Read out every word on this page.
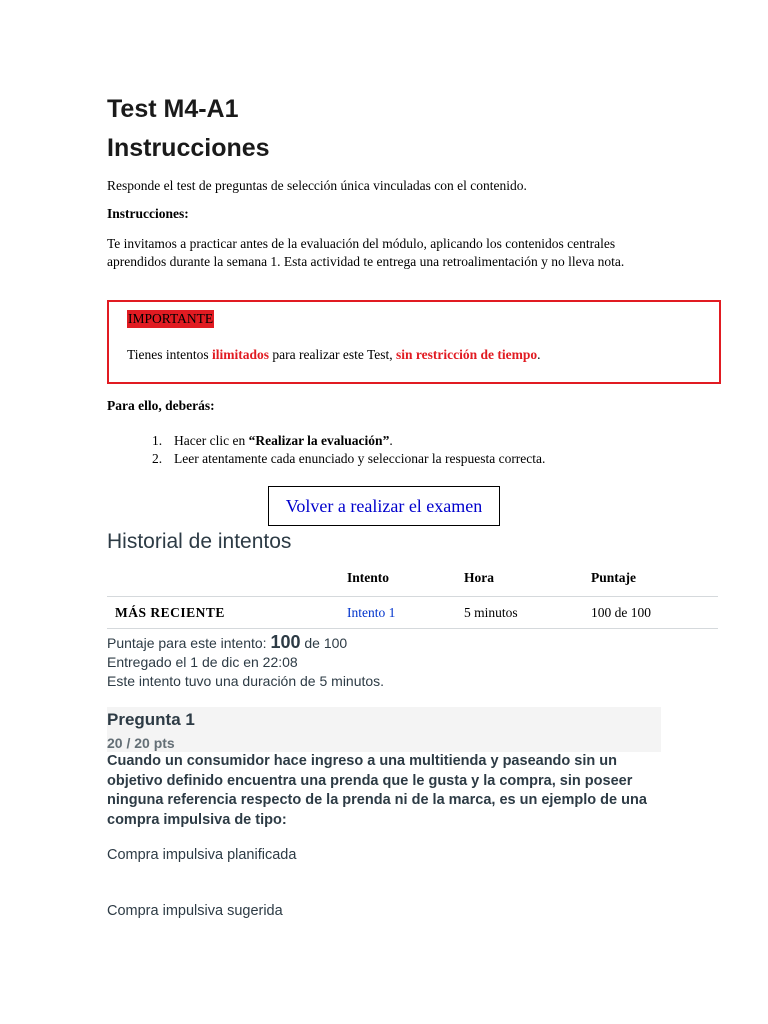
Test M4-A1
Instrucciones
Responde el test de preguntas de selección única vinculadas con el contenido.
Instrucciones:
Te invitamos a practicar antes de la evaluación del módulo, aplicando los contenidos centrales aprendidos durante la semana 1. Esta actividad te entrega una retroalimentación y no lleva nota.
IMPORTANTE
Tienes intentos ilimitados para realizar este Test, sin restricción de tiempo.
Para ello, deberás:
1. Hacer clic en “Realizar la evaluación”.
2. Leer atentamente cada enunciado y seleccionar la respuesta correcta.
Volver a realizar el examen
Historial de intentos
	Intento	Hora	Puntaje
MÁS RECIENTE	Intento 1	5 minutos	100 de 100
Puntaje para este intento: 100 de 100
Entregado el 1 de dic en 22:08
Este intento tuvo una duración de 5 minutos.
Pregunta 1
20 / 20 pts
Cuando un consumidor hace ingreso a una multitienda y paseando sin un objetivo definido encuentra una prenda que le gusta y la compra, sin poseer ninguna referencia respecto de la prenda ni de la marca, es un ejemplo de una compra impulsiva de tipo:
Compra impulsiva planificada
Compra impulsiva sugerida
